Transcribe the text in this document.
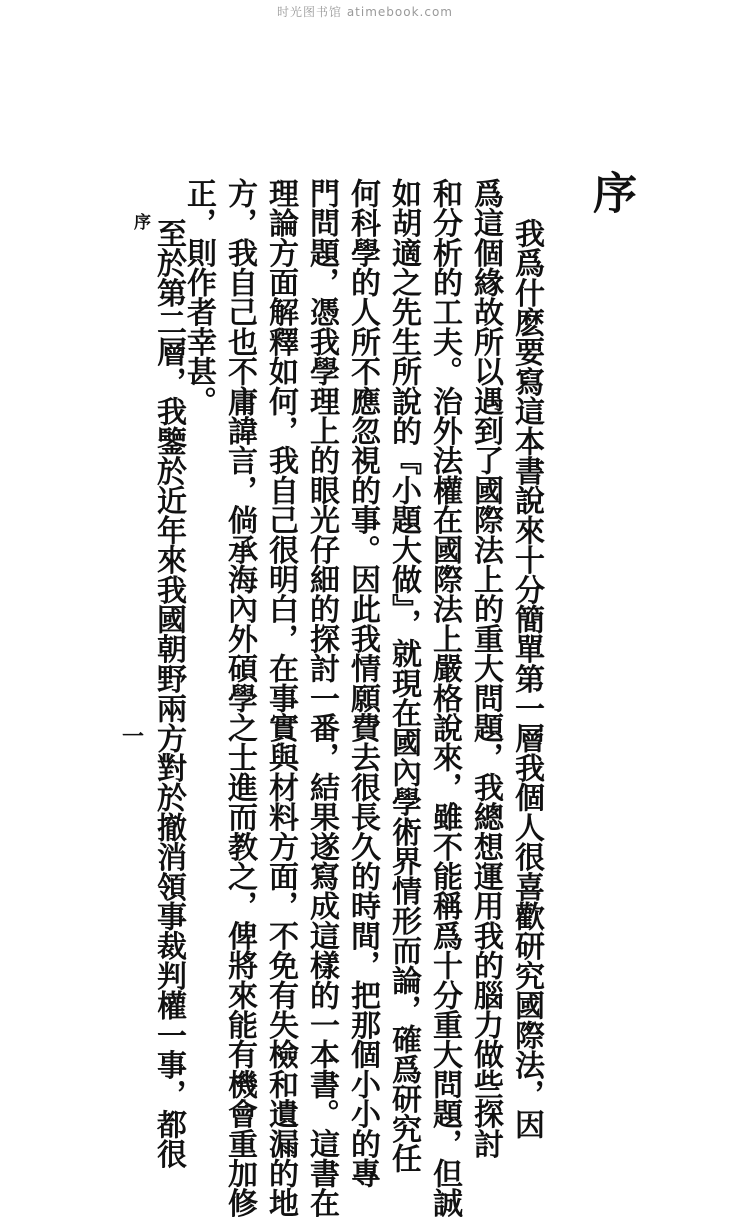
时光图书馆 atimebook.com
序
我爲什麽要寫這本書說來十分簡單第一層我個人很喜歡研究國際法，因
爲這個緣故所以遇到了國際法上的重大問題，我總想運用我的腦力做些探討
和分析的工夫。治外法權在國際法上嚴格說來，雖不能稱爲十分重大問題，但誠
如胡適之先生所說的『小題大做』，就現在國內學術界情形而論，確爲研究任
何科學的人所不應忽視的事。因此我情願費去很長久的時間，把那個小小的專
門問題，憑我學理上的眼光仔細的探討一番，結果遂寫成這樣的一本書。這書在
理論方面解釋如何，我自己很明白，在事實與材料方面，不免有失檢和遺漏的地
方，我自己也不庸諱言，倘承海內外碩學之士進而教之，俾將來能有機會重加修
正，則作者幸甚。
至於第二層，我鑒於近年來我國朝野兩方對於撤消領事裁判權一事，都很
序
一
